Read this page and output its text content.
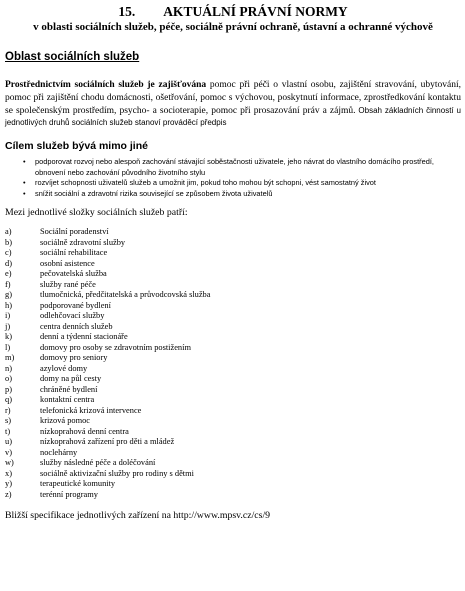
15. AKTUÁLNÍ PRÁVNÍ NORMY
v oblasti sociálních služeb, péče, sociálně právní ochraně, ústavní a ochranné výchově
Oblast sociálních služeb

Prostřednictvím sociálních služeb je zajišťována pomoc při péči o vlastní osobu, zajištění stravování, ubytování, pomoc při zajištění chodu domácnosti, ošetřování, pomoc s výchovou, poskytnutí informace, zprostředkování kontaktu se společenským prostředím, psycho- a socioterapie, pomoc při prosazování práv a zájmů. Obsah základních činností u jednotlivých druhů sociálních služeb stanoví prováděcí předpis

Cílem služeb bývá mimo jiné
• podporovat rozvoj nebo alespoň zachování stávající soběstačnosti uživatele, jeho návrat do vlastního domácího prostředí, obnovení nebo zachování původního životního stylu
• rozvíjet schopnosti uživatelů služeb a umožnit jim, pokud toho mohou být schopni, vést samostatný život
• snížit sociální a zdravotní rizika související se způsobem života uživatelů
Mezi jednotlivé složky sociálních služeb patří:
a)	Sociální poradenství
b)	sociálně zdravotní služby
c)	sociální rehabilitace
d)	osobní asistence
e)	pečovatelská služba
f)	služby rané péče
g)	tlumočnická, předčitatelská a průvodcovská služba
h)	podporované bydlení
i)	odlehčovací služby
j)	centra denních služeb
k)	denní a týdenní stacionáře
l)	domovy pro osoby se zdravotním postižením
m)	domovy pro seniory
n)	azylové domy
o)	domy na půl cesty
p)	chráněné bydlení
q)	kontaktní centra
r)	telefonická krizová intervence
s)	krizová pomoc
t)	nízkoprahová denní centra
u)	nízkoprahová zařízení pro děti a mládež
v)	noclehárny
w)	služby následné péče a doléčování
x)	sociálně aktivizační služby pro rodiny s dětmi
y)	terapeutické komunity
z)	terénní programy
Bližší specifikace jednotlivých zařízení na http://www.mpsv.cz/cs/9
